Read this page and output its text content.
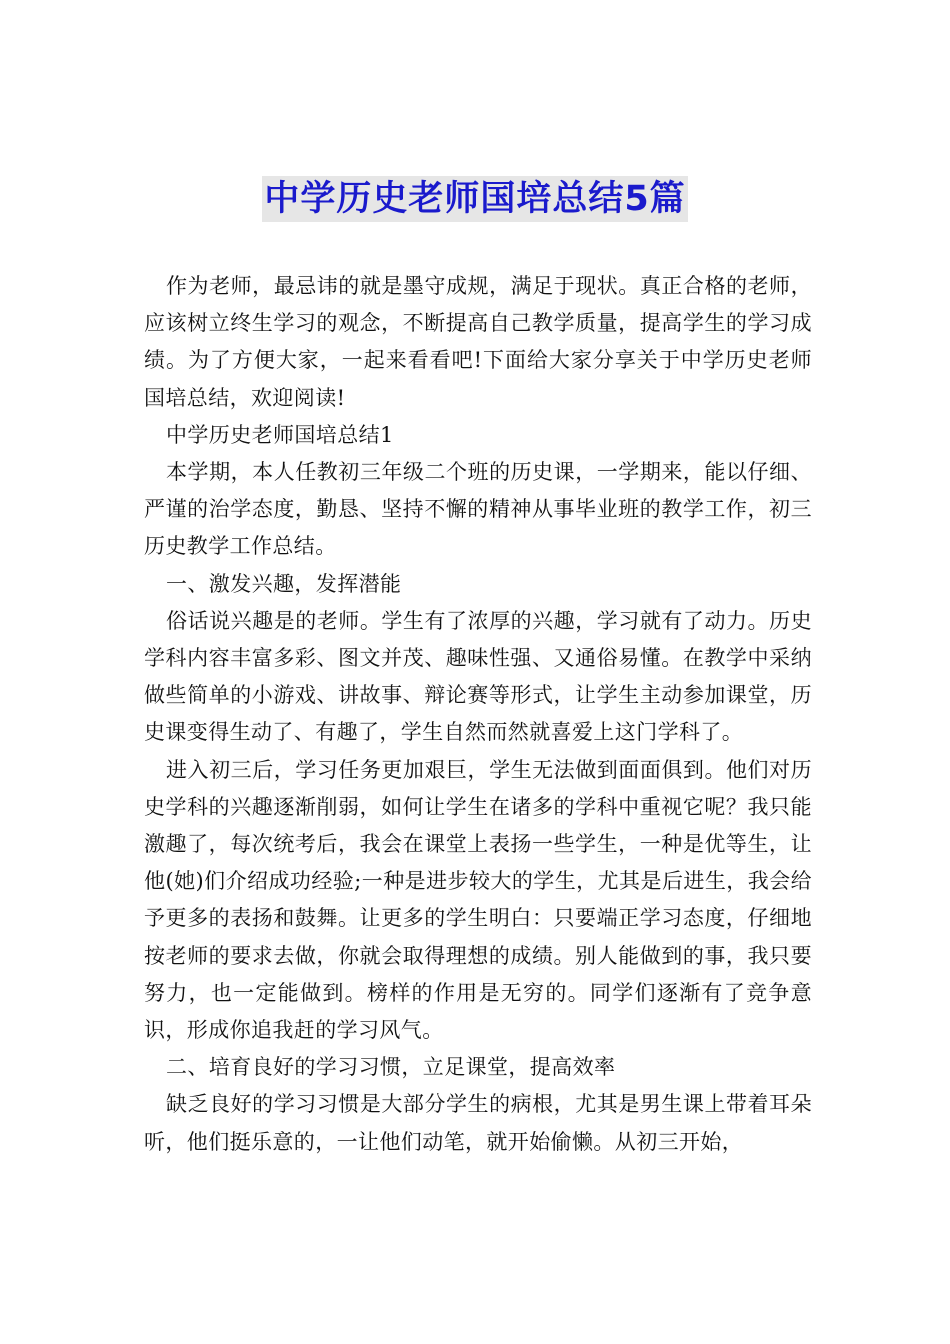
中学历史老师国培总结5篇

作为老师，最忌讳的就是墨守成规，满足于现状。真正合格的老师，应该树立终生学习的观念，不断提高自己教学质量，提高学生的学习成绩。为了方便大家，一起来看看吧!下面给大家分享关于中学历史老师国培总结，欢迎阅读!

中学历史老师国培总结1

本学期，本人任教初三年级二个班的历史课，一学期来，能以仔细、严谨的治学态度，勤恳、坚持不懈的精神从事毕业班的教学工作，初三历史教学工作总结。

一、激发兴趣，发挥潜能

俗话说兴趣是的老师。学生有了浓厚的兴趣，学习就有了动力。历史学科内容丰富多彩、图文并茂、趣味性强、又通俗易懂。在教学中采纳做些简单的小游戏、讲故事、辩论赛等形式，让学生主动参加课堂，历史课变得生动了、有趣了，学生自然而然就喜爱上这门学科了。

进入初三后，学习任务更加艰巨，学生无法做到面面俱到。他们对历史学科的兴趣逐渐削弱，如何让学生在诸多的学科中重视它呢？我只能激趣了，每次统考后，我会在课堂上表扬一些学生，一种是优等生，让他(她)们介绍成功经验;一种是进步较大的学生，尤其是后进生，我会给予更多的表扬和鼓舞。让更多的学生明白：只要端正学习态度，仔细地按老师的要求去做，你就会取得理想的成绩。别人能做到的事，我只要努力，也一定能做到。榜样的作用是无穷的。同学们逐渐有了竞争意识，形成你追我赶的学习风气。

二、培育良好的学习习惯，立足课堂，提高效率

缺乏良好的学习习惯是大部分学生的病根，尤其是男生课上带着耳朵听，他们挺乐意的，一让他们动笔，就开始偷懒。从初三开始，
